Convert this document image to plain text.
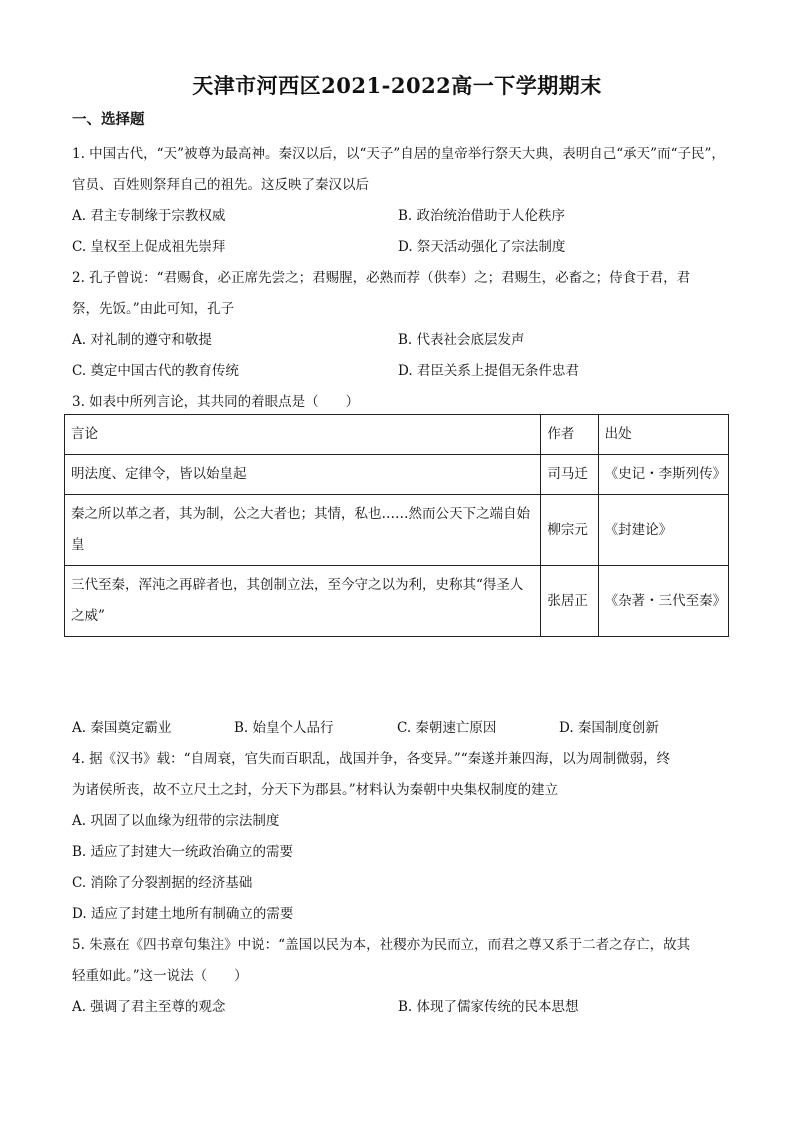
天津市河西区2021-2022高一下学期期末
一、选择题
1. 中国古代，“天”被尊为最高神。秦汉以后，以“天子”自居的皇帝举行祭天大典，表明自己“承天”而“子民”，
官员、百姓则祭拜自己的祖先。这反映了秦汉以后
A. 君主专制缘于宗教权威	B. 政治统治借助于人伦秩序
C. 皇权至上促成祖先崇拜	D. 祭天活动强化了宗法制度
2. 孔子曾说：“君赐食，必正席先尝之；君赐腥，必熟而荐（供奉）之；君赐生，必畜之；侍食于君，君
祭，先饭。”由此可知，孔子
A. 对礼制的遵守和敬提	B. 代表社会底层发声
C. 奠定中国古代的教育传统	D. 君臣关系上提倡无条件忠君
3. 如表中所列言论，其共同的着眼点是（　　）
言论	作者	出处
明法度、定律令，皆以始皇起	司马迁	《史记・李斯列传》
秦之所以革之者，其为制，公之大者也；其情，私也……然而公天下之端自始皇	柳宗元	《封建论》
三代至秦，浑沌之再辟者也，其创制立法，至今守之以为利，史称其“得圣人之威”	张居正	《杂著・三代至秦》
A. 秦国奠定霸业	B. 始皇个人品行	C. 秦朝速亡原因	D. 秦国制度创新
4. 据《汉书》载：“自周衰，官失而百职乱，战国并争，各变异。”“秦遂并兼四海，以为周制微弱，终
为诸侯所丧，故不立尺土之封，分天下为郡县。”材料认为秦朝中央集权制度的建立
A. 巩固了以血缘为纽带的宗法制度
B. 适应了封建大一统政治确立的需要
C. 消除了分裂割据的经济基础
D. 适应了封建土地所有制确立的需要
5. 朱熹在《四书章句集注》中说：“盖国以民为本，社稷亦为民而立，而君之尊又系于二者之存亡，故其
轻重如此。”这一说法（　　）
A. 强调了君主至尊的观念	B. 体现了儒家传统的民本思想
